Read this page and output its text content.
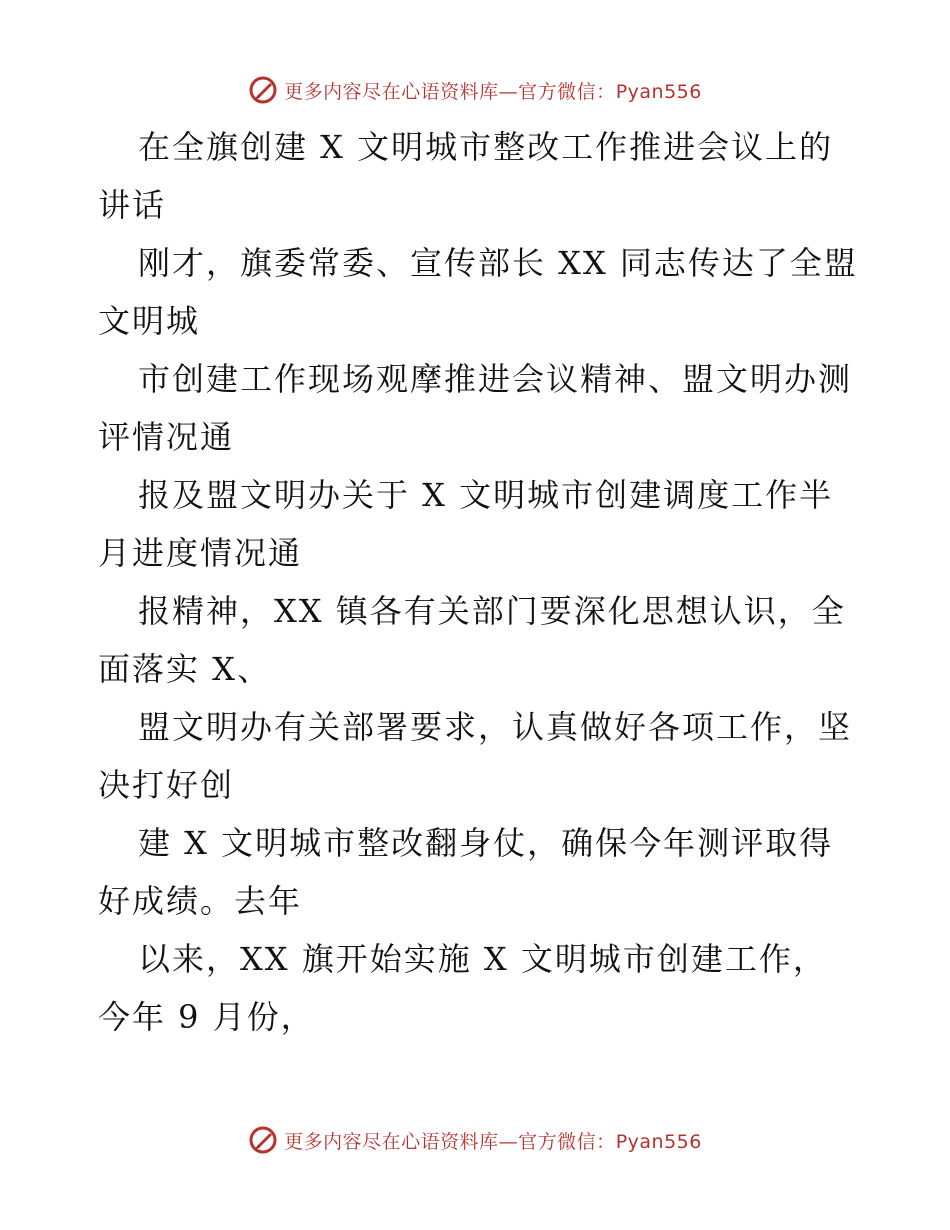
更多内容尽在心语资料库—官方微信：Pyan556

在全旗创建 X 文明城市整改工作推进会议上的讲话

刚才，旗委常委、宣传部长 XX 同志传达了全盟文明城

市创建工作现场观摩推进会议精神、盟文明办测评情况通

报及盟文明办关于 X 文明城市创建调度工作半月进度情况通

报精神，XX 镇各有关部门要深化思想认识，全面落实 X、

盟文明办有关部署要求，认真做好各项工作，坚决打好创

建 X 文明城市整改翻身仗，确保今年测评取得好成绩。去年

以来，XX 旗开始实施 X 文明城市创建工作，今年 9 月份，

更多内容尽在心语资料库—官方微信：Pyan556
